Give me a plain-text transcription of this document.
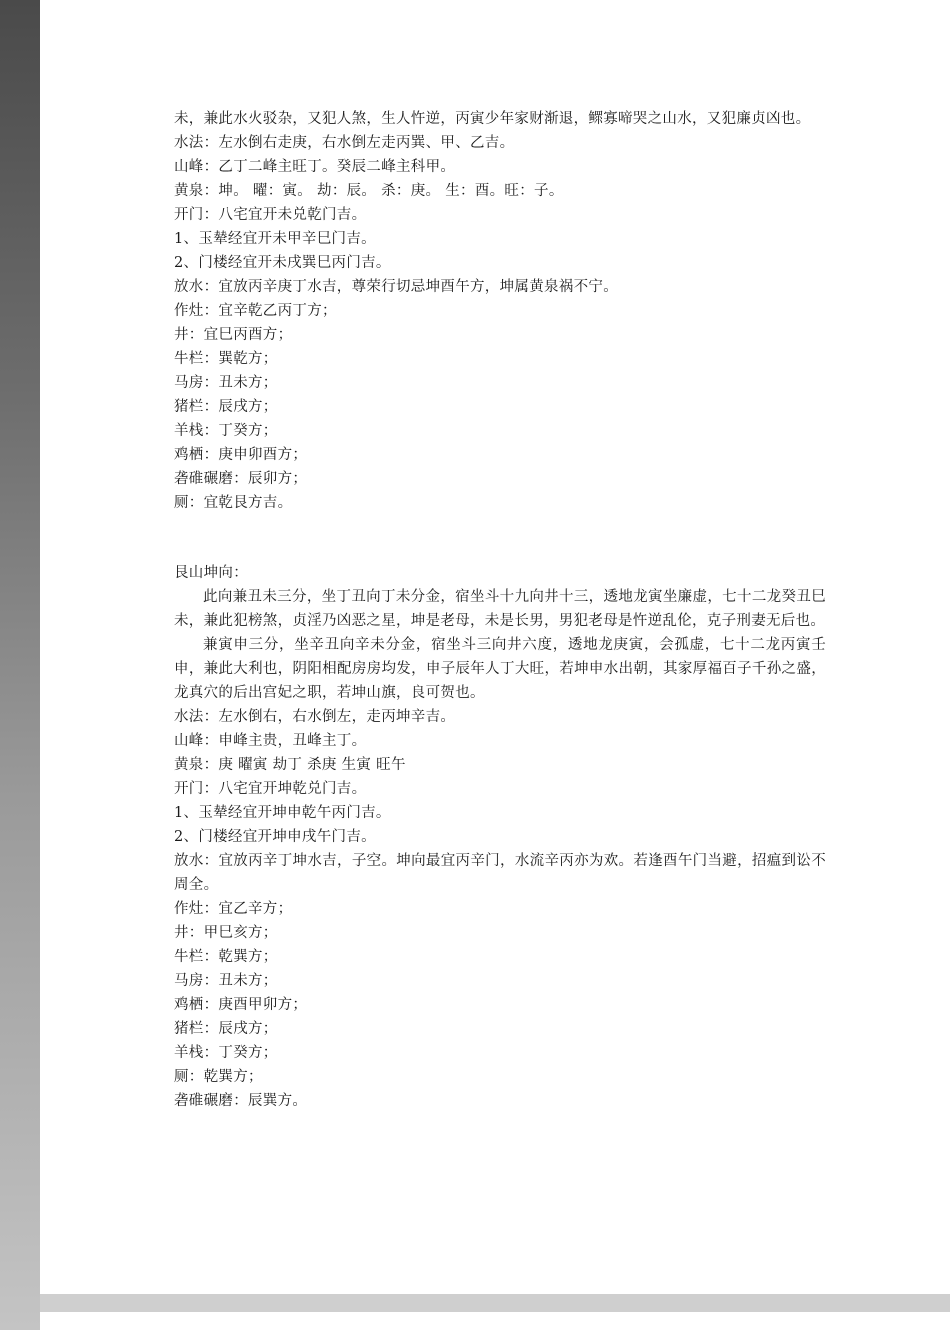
未，兼此水火驳杂，又犯人煞，生人忤逆，丙寅少年家财渐退，鳏寡啼哭之山水，又犯廉贞凶也。

水法：左水倒右走庚，右水倒左走丙巽、甲、乙吉。

山峰：乙丁二峰主旺丁。癸辰二峰主科甲。

黄泉：坤。 曜：寅。 劫：辰。 杀：庚。 生：酉。旺：子。

开门：八宅宜开未兑乾门吉。

1、玉辇经宜开未甲辛巳门吉。

2、门楼经宜开未戌巽巳丙门吉。

放水：宜放丙辛庚丁水吉，尊荣行切忌坤酉午方，坤属黄泉祸不宁。

作灶：宜辛乾乙丙丁方；

井：宜巳丙酉方；

牛栏：巽乾方；

马房：丑未方；

猪栏：辰戌方；

羊栈：丁癸方；

鸡栖：庚申卯酉方；

砻碓碾磨：辰卯方；

厕：宜乾艮方吉。

艮山坤向：

此向兼丑未三分，坐丁丑向丁未分金，宿坐斗十九向井十三，透地龙寅坐廉虚，七十二龙癸丑巳未，兼此犯榜煞，贞淫乃凶恶之星，坤是老母，未是长男，男犯老母是忤逆乱伦，克子刑妻无后也。

兼寅申三分，坐辛丑向辛未分金，宿坐斗三向井六度，透地龙庚寅，会孤虚，七十二龙丙寅壬申，兼此大利也，阴阳相配房房均发，申子辰年人丁大旺，若坤申水出朝，其家厚福百子千孙之盛，龙真穴的后出宫妃之职，若坤山旗，良可贺也。

水法：左水倒右，右水倒左，走丙坤辛吉。

山峰：申峰主贵，丑峰主丁。

黄泉：庚 曜寅 劫丁 杀庚 生寅 旺午

开门：八宅宜开坤乾兑门吉。

1、玉辇经宜开坤申乾午丙门吉。

2、门楼经宜开坤申戌午门吉。

放水：宜放丙辛丁坤水吉，子空。坤向最宜丙辛门，水流辛丙亦为欢。若逢酉午门当避，招瘟到讼不周全。

作灶：宜乙辛方；

井：甲巳亥方；

牛栏：乾巽方；

马房：丑未方；

鸡栖：庚酉甲卯方；

猪栏：辰戌方；

羊栈：丁癸方；

厕：乾巽方；

砻碓碾磨：辰巽方。
